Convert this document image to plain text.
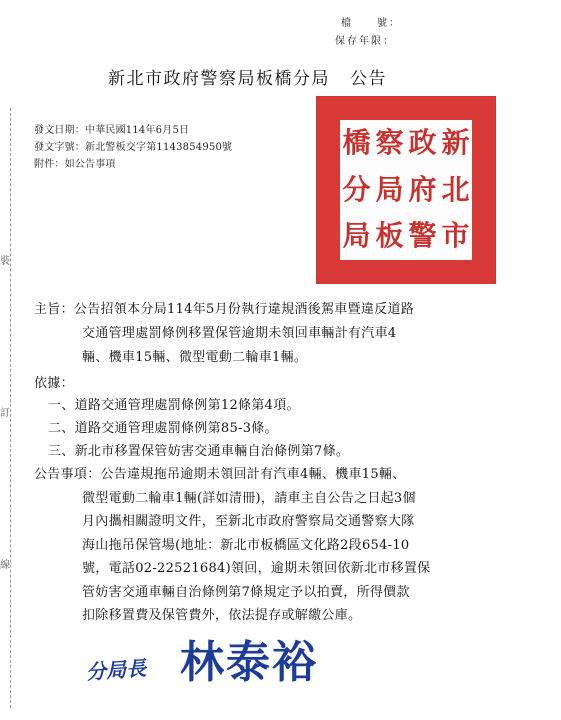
檔　　號：
保存年限：
新北市政府警察局板橋分局 公告
裝
訂
線
發文日期：中華民國114年6月5日
發文字號：新北警板交字第1143854950號
附件：如公告事項
橋 察 政 新
分 局 府 北
局 板 警 市
主旨：公告招領本分局114年5月份執行違規酒後駕車暨違反道路
交通管理處罰條例移置保管逾期未領回車輛計有汽車4
輛、機車15輛、微型電動二輪車1輛。
依據：
一、道路交通管理處罰條例第12條第4項。
二、道路交通管理處罰條例第85-3條。
三、新北市移置保管妨害交通車輛自治條例第7條。
公告事項：公告違規拖吊逾期未領回計有汽車4輛、機車15輛、
微型電動二輪車1輛(詳如清冊)，請車主自公告之日起3個
月內攜相關證明文件，至新北市政府警察局交通警察大隊
海山拖吊保管場(地址：新北市板橋區文化路2段654-10
號，電話02-22521684)領回，逾期未領回依新北市移置保
管妨害交通車輛自治條例第7條規定予以拍賣，所得價款
扣除移置費及保管費外，依法提存或解繳公庫。
分局長 林泰裕
